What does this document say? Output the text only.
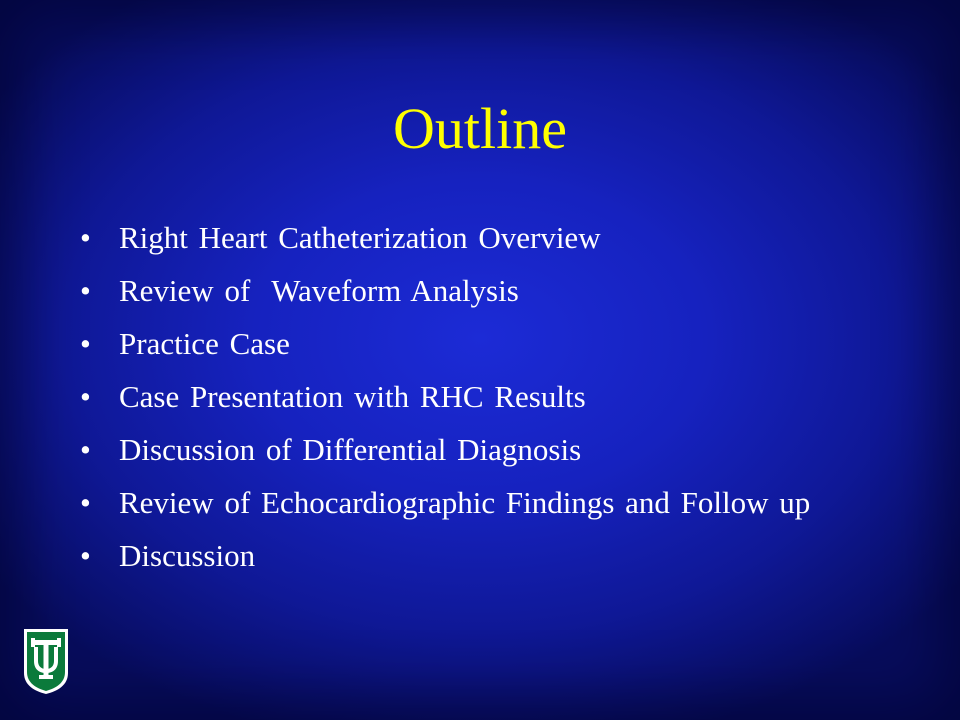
Outline
• Right Heart Catheterization Overview
• Review of  Waveform Analysis
• Practice Case
• Case Presentation with RHC Results
• Discussion of Differential Diagnosis
• Review of Echocardiographic Findings and Follow up
• Discussion
